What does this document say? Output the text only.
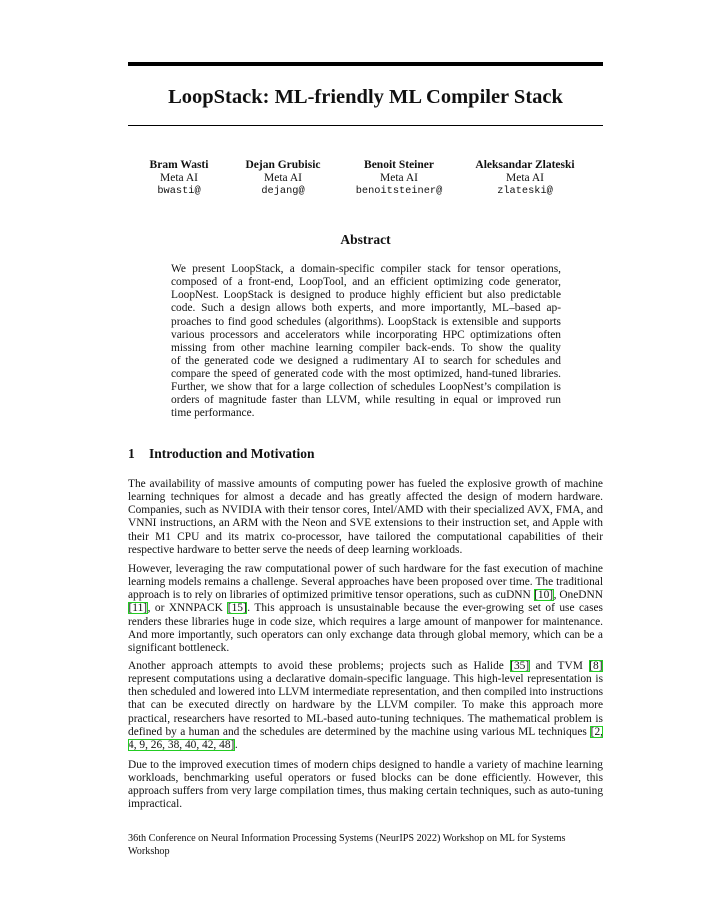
LoopStack: ML-friendly ML Compiler Stack
Bram Wasti
Meta AI
bwasti@
Dejan Grubisic
Meta AI
dejang@
Benoit Steiner
Meta AI
benoitsteiner@
Aleksandar Zlateski
Meta AI
zlateski@
Abstract
We present LoopStack, a domain-specific compiler stack for tensor operations,
composed of a front-end, LoopTool, and an efficient optimizing code generator,
LoopNest. LoopStack is designed to produce highly efficient but also predictable
code. Such a design allows both experts, and more importantly, ML–based ap-
proaches to find good schedules (algorithms). LoopStack is extensible and supports
various processors and accelerators while incorporating HPC optimizations often
missing from other machine learning compiler back-ends. To show the quality
of the generated code we designed a rudimentary AI to search for schedules and
compare the speed of generated code with the most optimized, hand-tuned libraries.
Further, we show that for a large collection of schedules LoopNest’s compilation is
orders of magnitude faster than LLVM, while resulting in equal or improved run
time performance.
1 Introduction and Motivation

The availability of massive amounts of computing power has fueled the explosive growth of machine learning techniques for almost a decade and has greatly affected the design of modern hardware. Companies, such as NVIDIA with their tensor cores, Intel/AMD with their specialized AVX, FMA, and VNNI instructions, an ARM with the Neon and SVE extensions to their instruction set, and Apple with their M1 CPU and its matrix co-processor, have tailored the computational capabilities of their respective hardware to better serve the needs of deep learning workloads.

However, leveraging the raw computational power of such hardware for the fast execution of machine learning models remains a challenge. Several approaches have been proposed over time. The traditional approach is to rely on libraries of optimized primitive tensor operations, such as cuDNN [10], OneDNN [11], or XNNPACK [15]. This approach is unsustainable because the ever-growing set of use cases renders these libraries huge in code size, which requires a large amount of manpower for maintenance. And more importantly, such operators can only exchange data through global memory, which can be a significant bottleneck.

Another approach attempts to avoid these problems; projects such as Halide [35] and TVM [8] represent computations using a declarative domain-specific language. This high-level representation is then scheduled and lowered into LLVM intermediate representation, and then compiled into instructions that can be executed directly on hardware by the LLVM compiler. To make this approach more practical, researchers have resorted to ML-based auto-tuning techniques. The mathematical problem is defined by a human and the schedules are determined by the machine using various ML techniques [2, 4, 9, 26, 38, 40, 42, 48].

Due to the improved execution times of modern chips designed to handle a variety of machine learning workloads, benchmarking useful operators or fused blocks can be done efficiently. However, this approach suffers from very large compilation times, thus making certain techniques, such as auto-tuning impractical.

36th Conference on Neural Information Processing Systems (NeurIPS 2022) Workshop on ML for Systems Workshop
